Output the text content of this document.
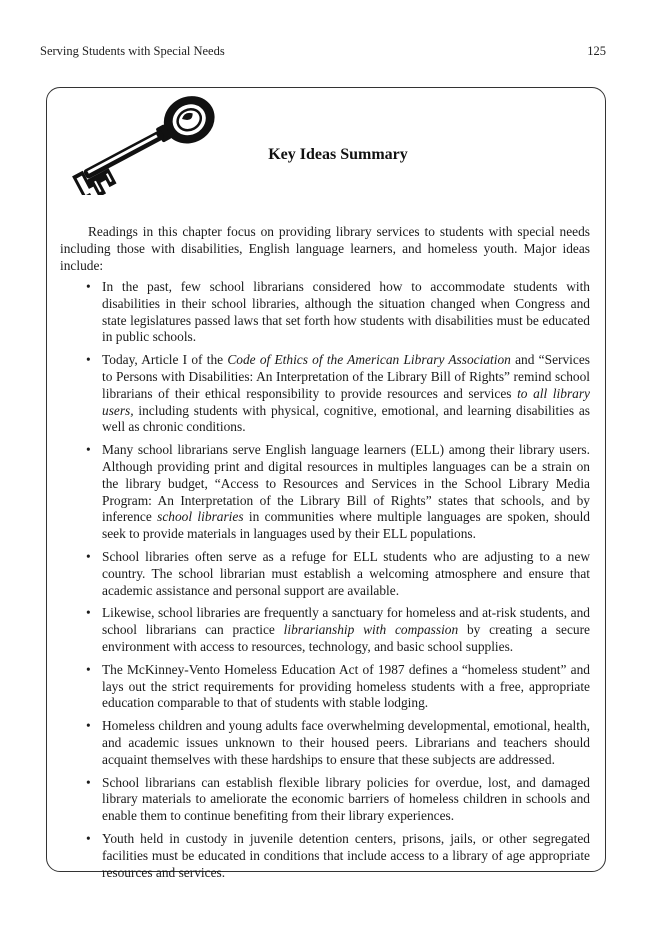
Serving Students with Special Needs	125
Key Ideas Summary

Readings in this chapter focus on providing library services to students with special needs including those with disabilities, English language learners, and homeless youth. Major ideas include:

• In the past, few school librarians considered how to accommodate students with disabilities in their school libraries, although the situation changed when Congress and state legislatures passed laws that set forth how students with disabilities must be educated in public schools.
• Today, Article I of the Code of Ethics of the American Library Association and “Services to Persons with Disabilities: An Interpretation of the Library Bill of Rights” remind school librarians of their ethical responsibility to provide resources and services to all library users, including students with physical, cognitive, emotional, and learning disabilities as well as chronic conditions.
• Many school librarians serve English language learners (ELL) among their library users. Although providing print and digital resources in multiples languages can be a strain on the library budget, “Access to Resources and Services in the School Library Media Program: An Interpretation of the Library Bill of Rights” states that schools, and by inference school libraries in communities where multiple languages are spoken, should seek to provide materials in languages used by their ELL populations.
• School libraries often serve as a refuge for ELL students who are adjusting to a new country. The school librarian must establish a welcoming atmosphere and ensure that academic assistance and personal support are available.
• Likewise, school libraries are frequently a sanctuary for homeless and at-risk students, and school librarians can practice librarianship with compassion by creating a secure environment with access to resources, technology, and basic school supplies.
• The McKinney-Vento Homeless Education Act of 1987 defines a “homeless student” and lays out the strict requirements for providing homeless students with a free, appropriate education comparable to that of students with stable lodging.
• Homeless children and young adults face overwhelming developmental, emotional, health, and academic issues unknown to their housed peers. Librarians and teachers should acquaint themselves with these hardships to ensure that these subjects are addressed.
• School librarians can establish flexible library policies for overdue, lost, and damaged library materials to ameliorate the economic barriers of homeless children in schools and enable them to continue benefiting from their library experiences.
• Youth held in custody in juvenile detention centers, prisons, jails, or other segregated facilities must be educated in conditions that include access to a library of age appropriate resources and services.
